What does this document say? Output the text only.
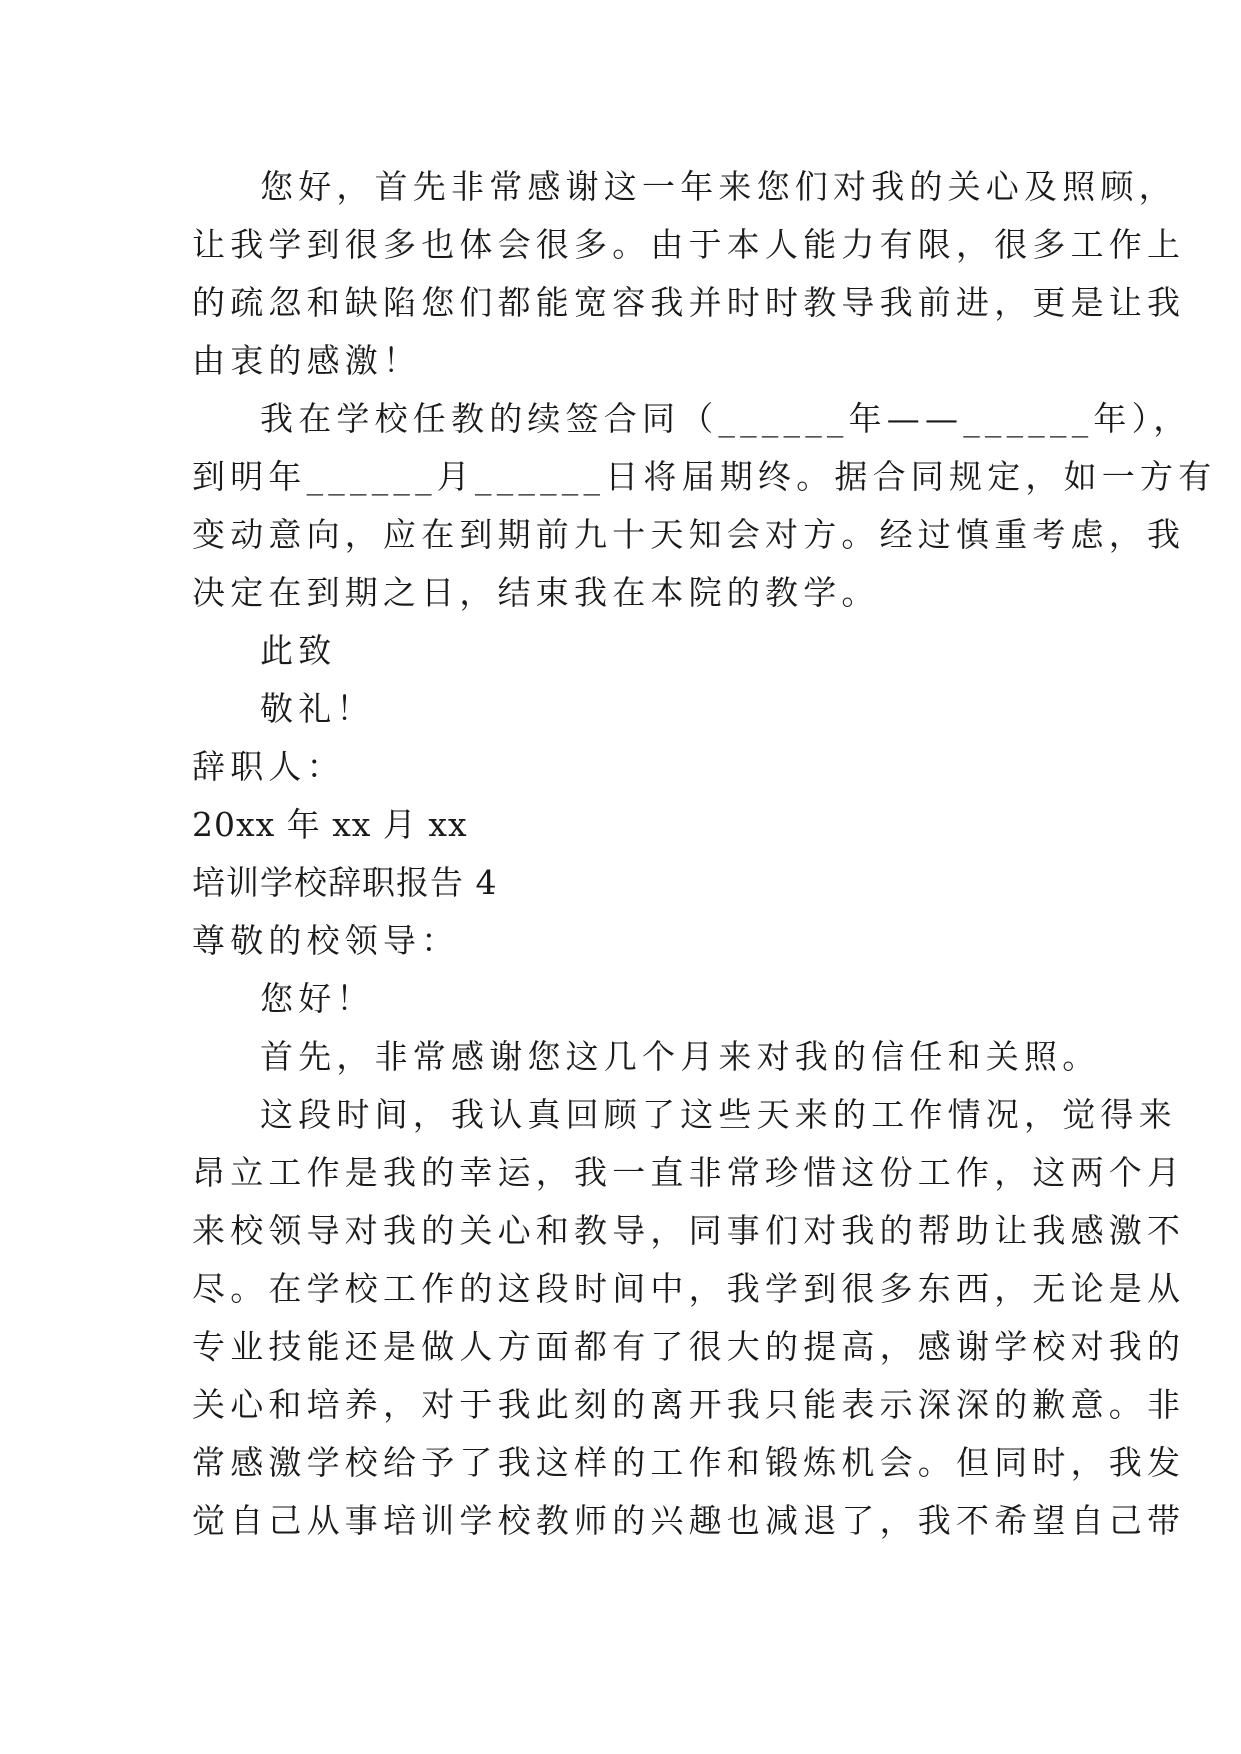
您好，首先非常感谢这一年来您们对我的关心及照顾，
让我学到很多也体会很多。由于本人能力有限，很多工作上
的疏忽和缺陷您们都能宽容我并时时教导我前进，更是让我
由衷的感激！
我在学校任教的续签合同（______年——______年），
到明年______月______日将届期终。据合同规定，如一方有
变动意向，应在到期前九十天知会对方。经过慎重考虑，我
决定在到期之日，结束我在本院的教学。
此致
敬礼！
辞职人：
20xx 年 xx 月 xx
培训学校辞职报告 4
尊敬的校领导：
您好！
首先，非常感谢您这几个月来对我的信任和关照。
这段时间，我认真回顾了这些天来的工作情况，觉得来
昂立工作是我的幸运，我一直非常珍惜这份工作，这两个月
来校领导对我的关心和教导，同事们对我的帮助让我感激不
尽。在学校工作的这段时间中，我学到很多东西，无论是从
专业技能还是做人方面都有了很大的提高，感谢学校对我的
关心和培养，对于我此刻的离开我只能表示深深的歉意。非
常感激学校给予了我这样的工作和锻炼机会。但同时，我发
觉自己从事培训学校教师的兴趣也减退了，我不希望自己带
